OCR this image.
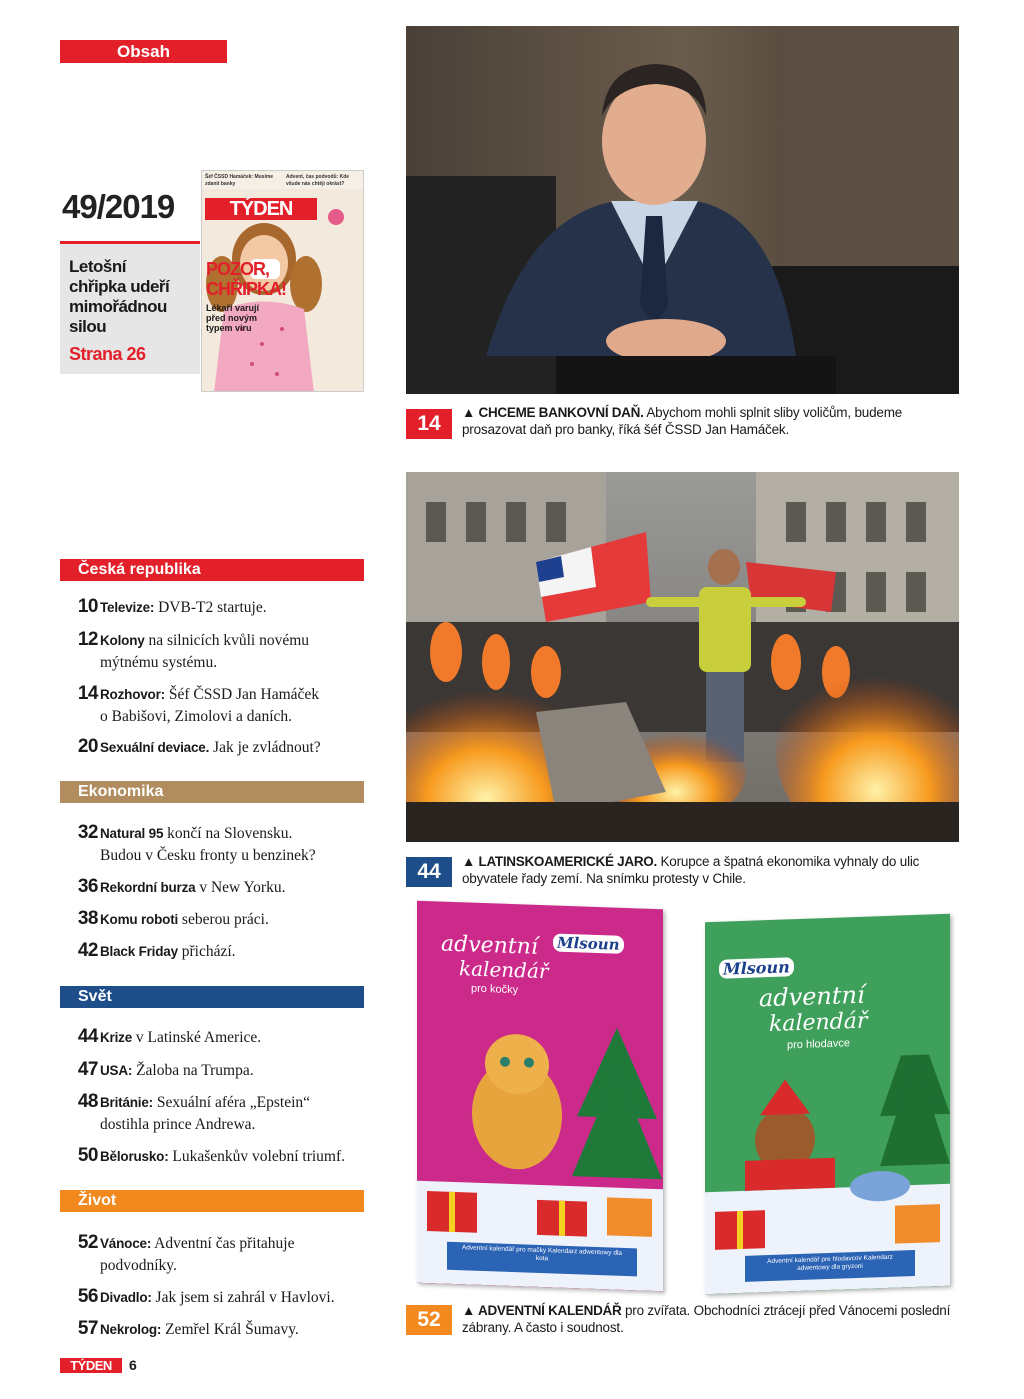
Obsah
49/2019
Letošní
chřipka udeří
mimořádnou
silou
Strana 26
Šéf ČSSD Hamáček: Musíme zdanit banky
Advent, čas podvodů: Kde všude nás chtějí okrást?
TÝDEN
POZOR,
CHŘIPKA!
Lékaři varují před novým typem viru
14	▲ CHCEME BANKOVNÍ DAŇ. Abychom mohli splnit sliby voličům, budeme prosazovat daň pro banky, říká šéf ČSSD Jan Hamáček.
44	▲ LATINSKOAMERICKÉ JARO. Korupce a špatná ekonomika vyhnaly do ulic obyvatele řady zemí. Na snímku protesty v Chile.
adventní
kalendář
pro kočky
Mlsoun
Adventní kalendář pro mačky Kalendarz adwentowy dla kota
Mlsoun
adventní
kalendář
pro hlodavce
Adventní kalendář pre hlodavcov Kalendarz adwentowy dla gryzoni
52	▲ ADVENTNÍ KALENDÁŘ pro zvířata. Obchodníci ztrácejí před Vánocemi poslední zábrany. A často i soudnost.
Česká republika
10 Televize: DVB-T2 startuje.
12 Kolony na silnicích kvůli novému
mýtnému systému.
14 Rozhovor: Šéf ČSSD Jan Hamáček
o Babišovi, Zimolovi a daních.
20 Sexuální deviace. Jak je zvládnout?
Ekonomika
32 Natural 95 končí na Slovensku.
Budou v Česku fronty u benzinek?
36 Rekordní burza v New Yorku.
38 Komu roboti seberou práci.
42 Black Friday přichází.
Svět
44 Krize v Latinské Americe.
47 USA: Žaloba na Trumpa.
48 Británie: Sexuální aféra „Epstein“
dostihla prince Andrewa.
50 Bělorusko: Lukašenkův volební triumf.
Život
52 Vánoce: Adventní čas přitahuje
podvodníky.
56 Divadlo: Jak jsem si zahrál v Havlovi.
57 Nekrolog: Zemřel Král Šumavy.
TÝDEN	6
